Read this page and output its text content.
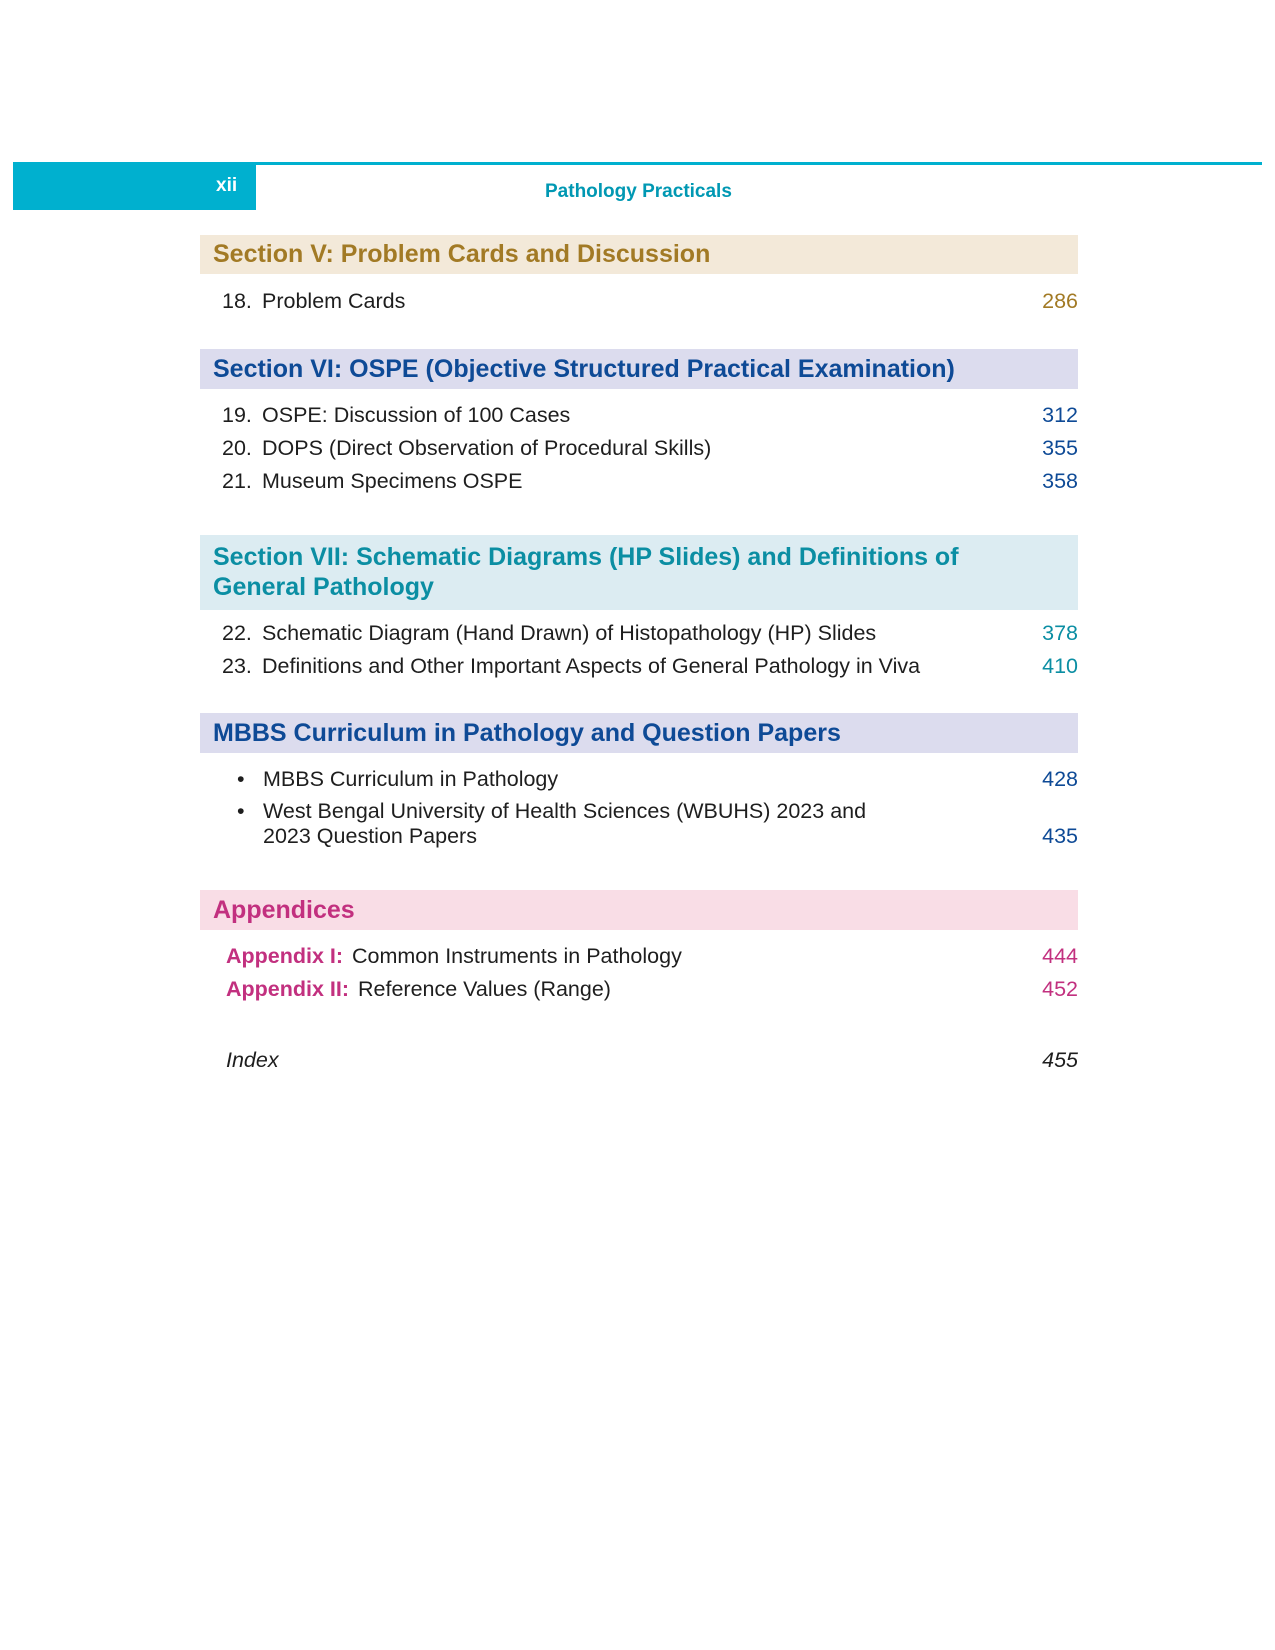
xii	Pathology Practicals
Section V: Problem Cards and Discussion
18. Problem Cards	286
Section VI: OSPE (Objective Structured Practical Examination)
19. OSPE: Discussion of 100 Cases	312
20. DOPS (Direct Observation of Procedural Skills)	355
21. Museum Specimens OSPE	358
Section VII: Schematic Diagrams (HP Slides) and Definitions of
General Pathology
22. Schematic Diagram (Hand Drawn) of Histopathology (HP) Slides	378
23. Definitions and Other Important Aspects of General Pathology in Viva	410
MBBS Curriculum in Pathology and Question Papers
• MBBS Curriculum in Pathology	428
• West Bengal University of Health Sciences (WBUHS) 2023 and
2023 Question Papers	435
Appendices
Appendix I: Common Instruments in Pathology	444
Appendix II: Reference Values (Range)	452
Index	455
